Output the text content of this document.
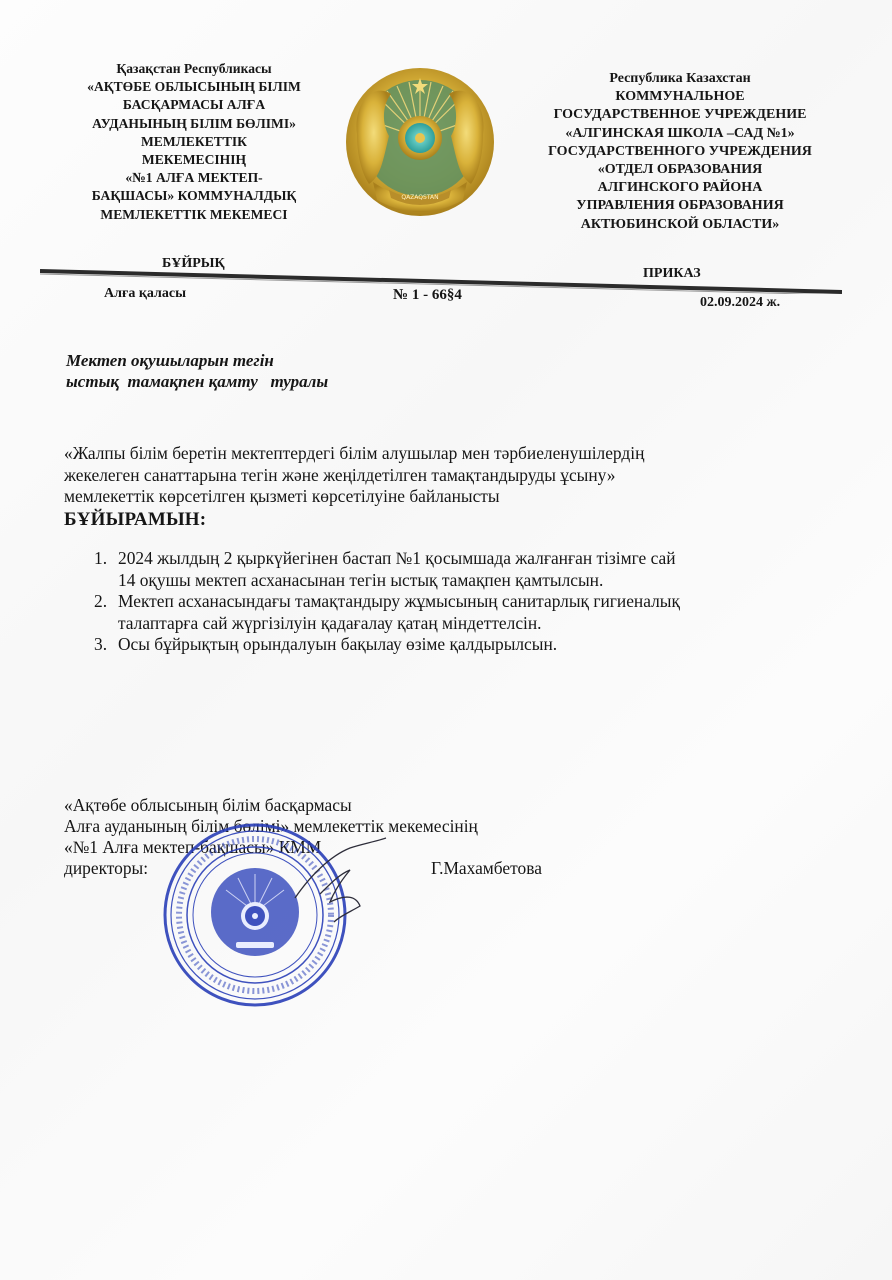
Қазақстан Республикасы
«АҚТӨБЕ ОБЛЫСЫНЫҢ БІЛІМ
БАСҚАРМАСЫ АЛҒА
АУДАНЫНЫҢ БІЛІМ БӨЛІМІ»
МЕМЛЕКЕТТІК
МЕКЕМЕСІНІҢ
«№1 АЛҒА МЕКТЕП-
БАҚШАСЫ» КОММУНАЛДЫҚ
МЕМЛЕКЕТТІК МЕКЕМЕСІ
QAZAQSTAN
Республика Казахстан
КОММУНАЛЬНОЕ
ГОСУДАРСТВЕННОЕ УЧРЕЖДЕНИЕ
«АЛГИНСКАЯ ШКОЛА –САД №1»
ГОСУДАРСТВЕННОГО УЧРЕЖДЕНИЯ
«ОТДЕЛ ОБРАЗОВАНИЯ
АЛГИНСКОГО РАЙОНА
УПРАВЛЕНИЯ ОБРАЗОВАНИЯ
АКТЮБИНСКОЙ ОБЛАСТИ»
БҰЙРЫҚ
ПРИКАЗ
Алға қаласы	№ 1 - 66§4	02.09.2024 ж.
Мектеп оқушыларын тегін
ыстық  тамақпен қамту   туралы
«Жалпы білім беретін мектептердегі білім алушылар мен тәрбиеленушілердің
жекелеген санаттарына тегін және жеңілдетілген тамақтандыруды ұсыну»
мемлекеттік көрсетілген қызметі көрсетілуіне байланысты
БҰЙЫРАМЫН:
1. 2024 жылдың 2 қыркүйегінен бастап №1 қосымшада жалғанған тізімге сай
14 оқушы мектеп асханасынан тегін ыстық тамақпен қамтылсын.
2. Мектеп асханасындағы тамақтандыру жұмысының санитарлық гигиеналық
талаптарға сай жүргізілуін қадағалау қатаң міндеттелсін.
3. Осы бұйрықтың орындалуын бақылау өзіме қалдырылсын.
«Ақтөбе облысының білім басқармасы
Алға ауданының білім бөлімі» мемлекеттік мекемесінің
«№1 Алға мектеп-бақшасы» КММ
директоры:	Г.Махамбетова
